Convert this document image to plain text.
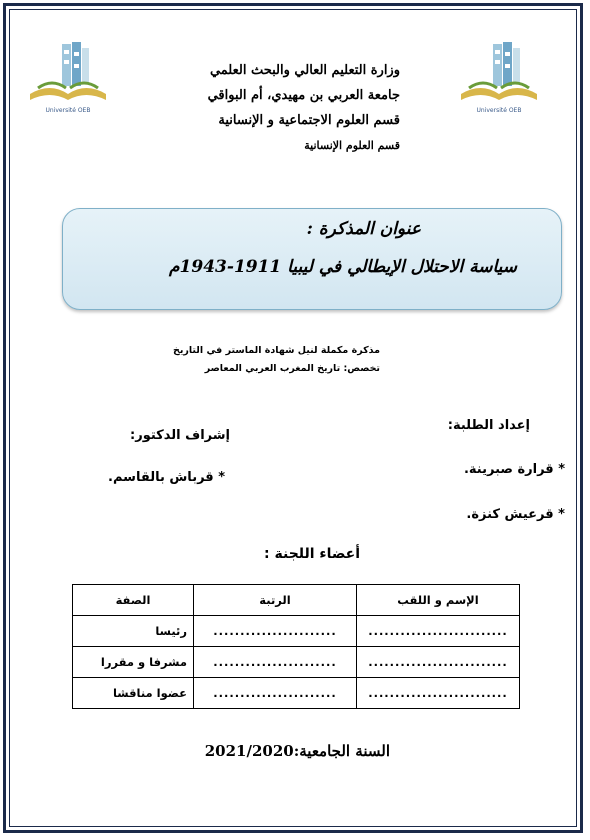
Université OEB	Université OEB
وزارة التعليم العالي والبحث العلمي
جامعة العربي بن مهيدي، أم البواقي
قسم العلوم الاجتماعية و الإنسانية
قسم العلوم الإنسانية
عنوان المذكرة :
سياسة الاحتلال الإيطالي في ليبيا 1911-1943م
مذكرة مكملة لنيل شهادة الماستر في التاريخ
تخصص: تاريخ المغرب العربي المعاصر
إعداد الطلبة:
إشراف الدكتور:
* قرارة صبرينة.
* قرعيش كنزة.
* قرباش بالقاسم.
أعضاء اللجنة :
الإسم و اللقب	الرتبة	الصفة
..........................	.......................	رئيسا
..........................	.......................	مشرفا و مقررا
..........................	.......................	عضوا مناقشا
السنة الجامعية:2021/2020
